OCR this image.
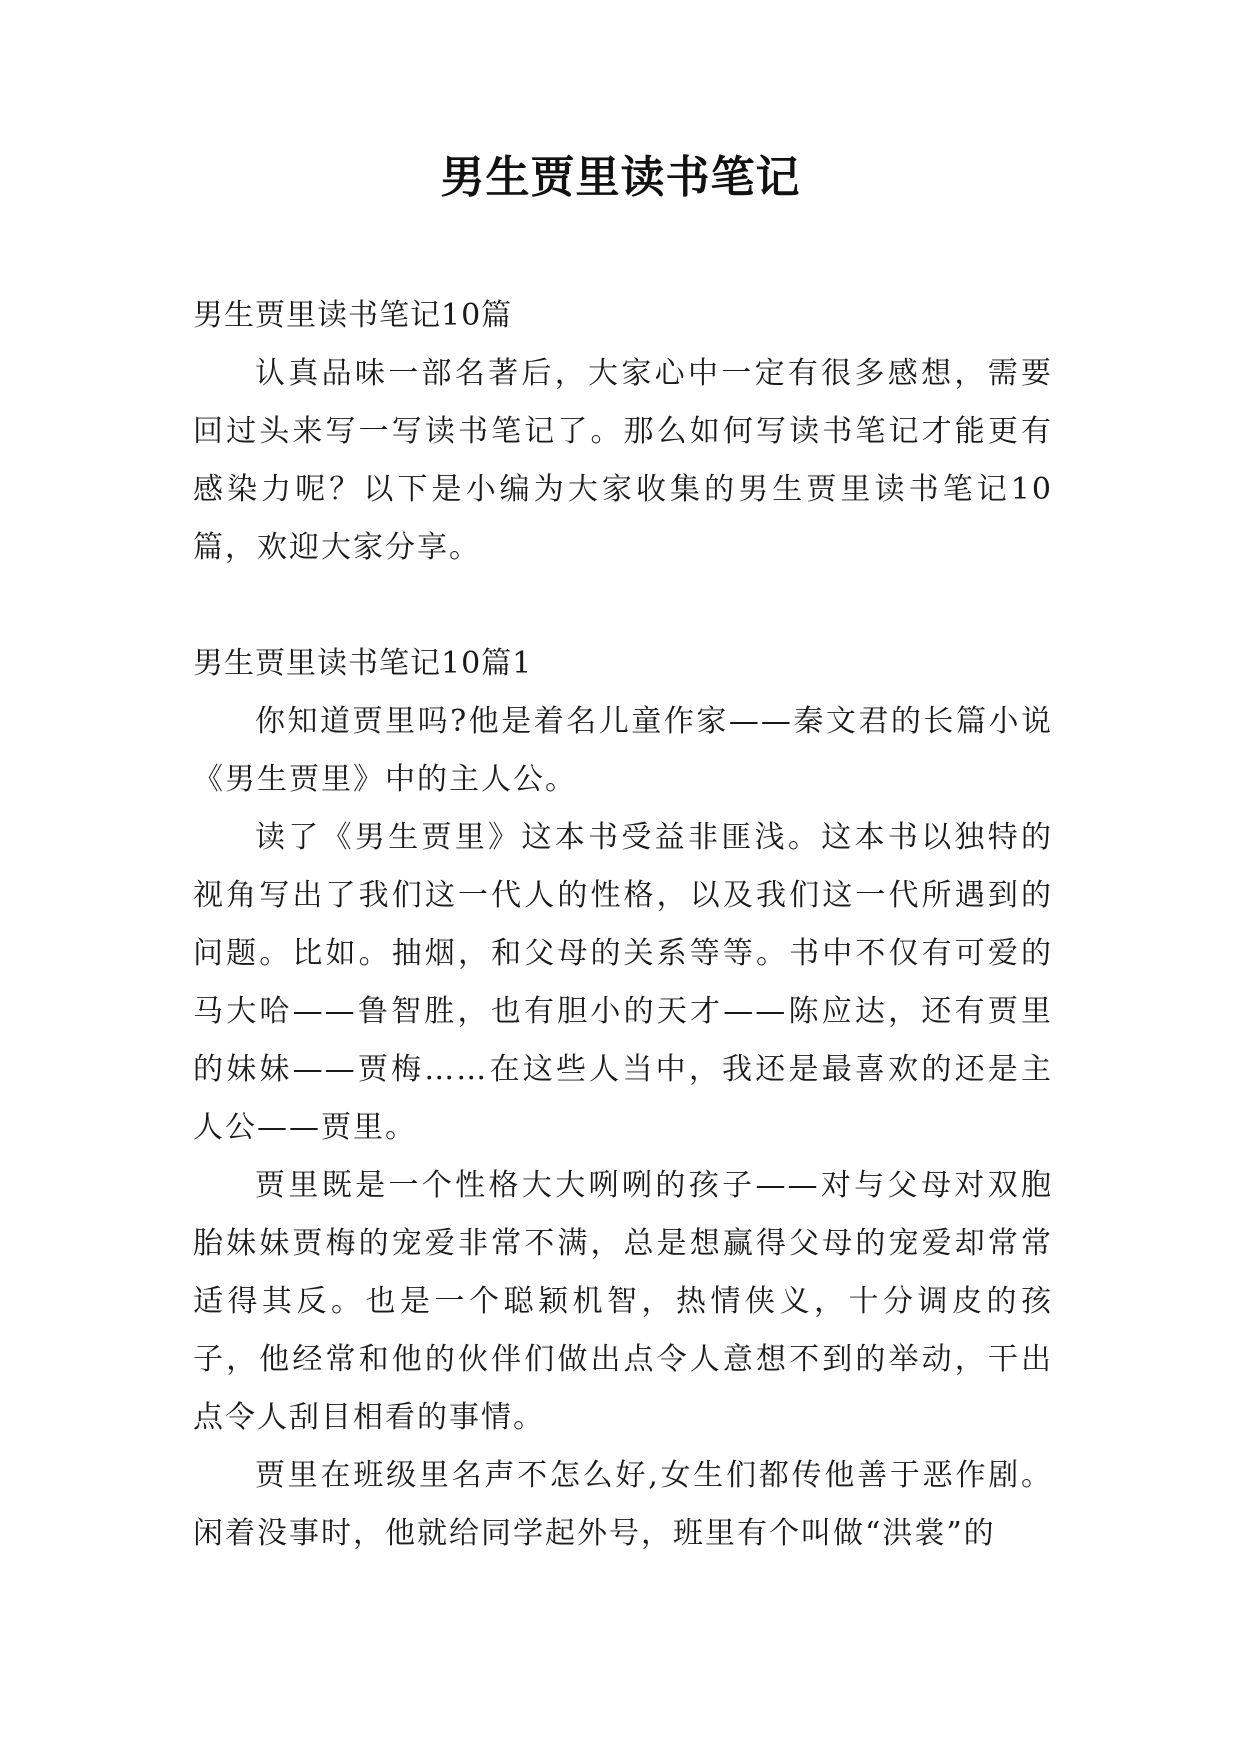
男生贾里读书笔记
男生贾里读书笔记10篇

认真品味一部名著后，大家心中一定有很多感想，需要回过头来写一写读书笔记了。那么如何写读书笔记才能更有感染力呢？以下是小编为大家收集的男生贾里读书笔记10篇，欢迎大家分享。

男生贾里读书笔记10篇1

你知道贾里吗?他是着名儿童作家——秦文君的长篇小说《男生贾里》中的主人公。

读了《男生贾里》这本书受益非匪浅。这本书以独特的视角写出了我们这一代人的性格，以及我们这一代所遇到的问题。比如。抽烟，和父母的关系等等。书中不仅有可爱的马大哈——鲁智胜，也有胆小的天才——陈应达，还有贾里的妹妹——贾梅……在这些人当中，我还是最喜欢的还是主人公——贾里。

贾里既是一个性格大大咧咧的孩子——对与父母对双胞胎妹妹贾梅的宠爱非常不满，总是想赢得父母的宠爱却常常适得其反。也是一个聪颖机智，热情侠义，十分调皮的孩子，他经常和他的伙伴们做出点令人意想不到的举动，干出点令人刮目相看的事情。

贾里在班级里名声不怎么好,女生们都传他善于恶作剧。闲着没事时，他就给同学起外号，班里有个叫做“洪裳”的
